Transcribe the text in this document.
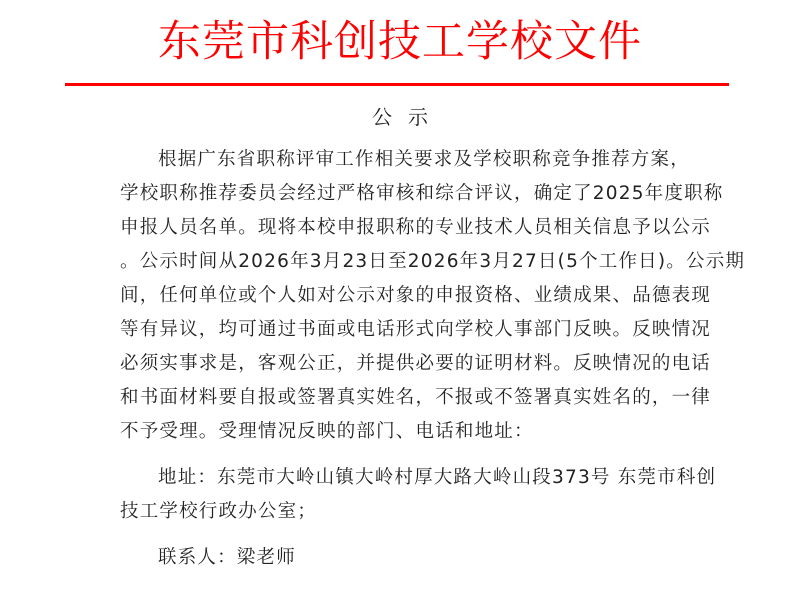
东莞市科创技工学校文件
公示
根据广东省职称评审工作相关要求及学校职称竞争推荐方案，
学校职称推荐委员会经过严格审核和综合评议，确定了2025年度职称
申报人员名单。现将本校申报职称的专业技术人员相关信息予以公示
。公示时间从2026年3月23日至2026年3月27日(5个工作日)。公示期
间，任何单位或个人如对公示对象的申报资格、业绩成果、品德表现
等有异议，均可通过书面或电话形式向学校人事部门反映。反映情况
必须实事求是，客观公正，并提供必要的证明材料。反映情况的电话
和书面材料要自报或签署真实姓名，不报或不签署真实姓名的，一律
不予受理。受理情况反映的部门、电话和地址：
地址：东莞市大岭山镇大岭村厚大路大岭山段373号 东莞市科创
技工学校行政办公室；
联系人：梁老师
